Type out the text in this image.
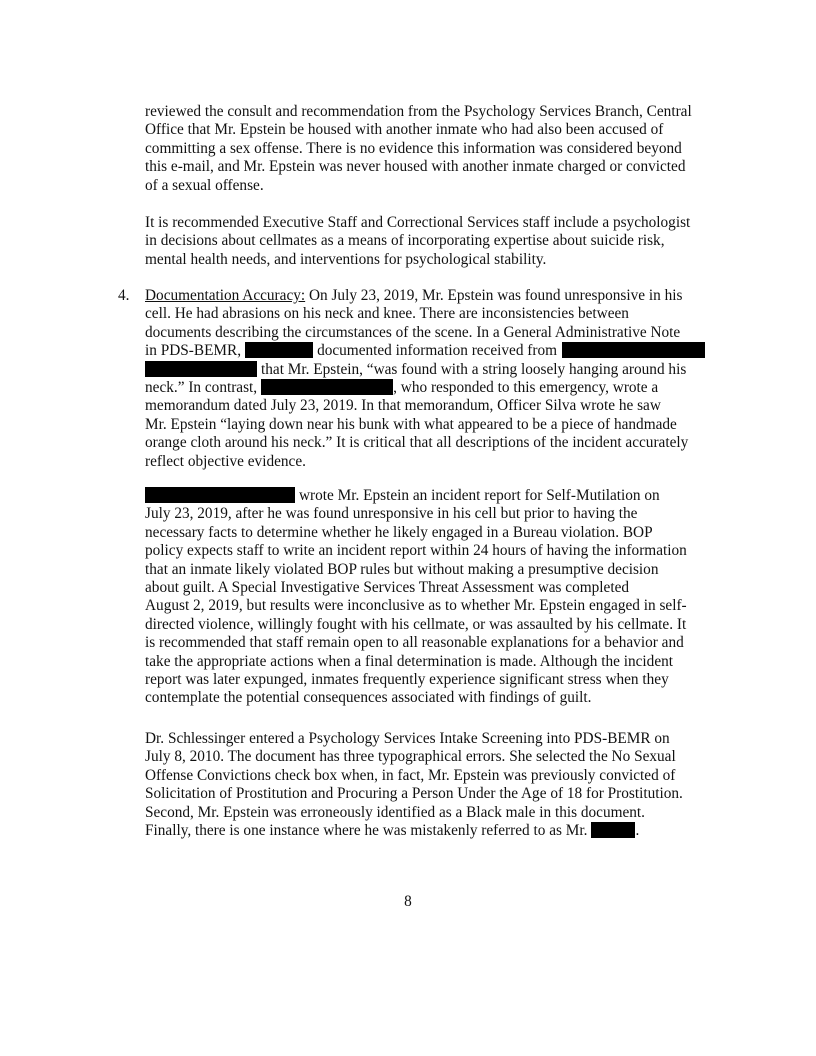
reviewed the consult and recommendation from the Psychology Services Branch, Central
Office that Mr. Epstein be housed with another inmate who had also been accused of
committing a sex offense. There is no evidence this information was considered beyond
this e-mail, and Mr. Epstein was never housed with another inmate charged or convicted
of a sexual offense.
It is recommended Executive Staff and Correctional Services staff include a psychologist
in decisions about cellmates as a means of incorporating expertise about suicide risk,
mental health needs, and interventions for psychological stability.
4. Documentation Accuracy: On July 23, 2019, Mr. Epstein was found unresponsive in his
cell. He had abrasions on his neck and knee. There are inconsistencies between
documents describing the circumstances of the scene. In a General Administrative Note
in PDS-BEMR,	documented information received from
that Mr. Epstein, “was found with a string loosely hanging around his
neck.” In contrast,	, who responded to this emergency, wrote a
memorandum dated July 23, 2019. In that memorandum, Officer Silva wrote he saw
Mr. Epstein “laying down near his bunk with what appeared to be a piece of handmade
orange cloth around his neck.” It is critical that all descriptions of the incident accurately
reflect objective evidence.
wrote Mr. Epstein an incident report for Self-Mutilation on
July 23, 2019, after he was found unresponsive in his cell but prior to having the
necessary facts to determine whether he likely engaged in a Bureau violation. BOP
policy expects staff to write an incident report within 24 hours of having the information
that an inmate likely violated BOP rules but without making a presumptive decision
about guilt. A Special Investigative Services Threat Assessment was completed
August 2, 2019, but results were inconclusive as to whether Mr. Epstein engaged in self-
directed violence, willingly fought with his cellmate, or was assaulted by his cellmate. It
is recommended that staff remain open to all reasonable explanations for a behavior and
take the appropriate actions when a final determination is made. Although the incident
report was later expunged, inmates frequently experience significant stress when they
contemplate the potential consequences associated with findings of guilt.
Dr. Schlessinger entered a Psychology Services Intake Screening into PDS-BEMR on
July 8, 2010. The document has three typographical errors. She selected the No Sexual
Offense Convictions check box when, in fact, Mr. Epstein was previously convicted of
Solicitation of Prostitution and Procuring a Person Under the Age of 18 for Prostitution.
Second, Mr. Epstein was erroneously identified as a Black male in this document.
Finally, there is one instance where he was mistakenly referred to as Mr.	.
8
